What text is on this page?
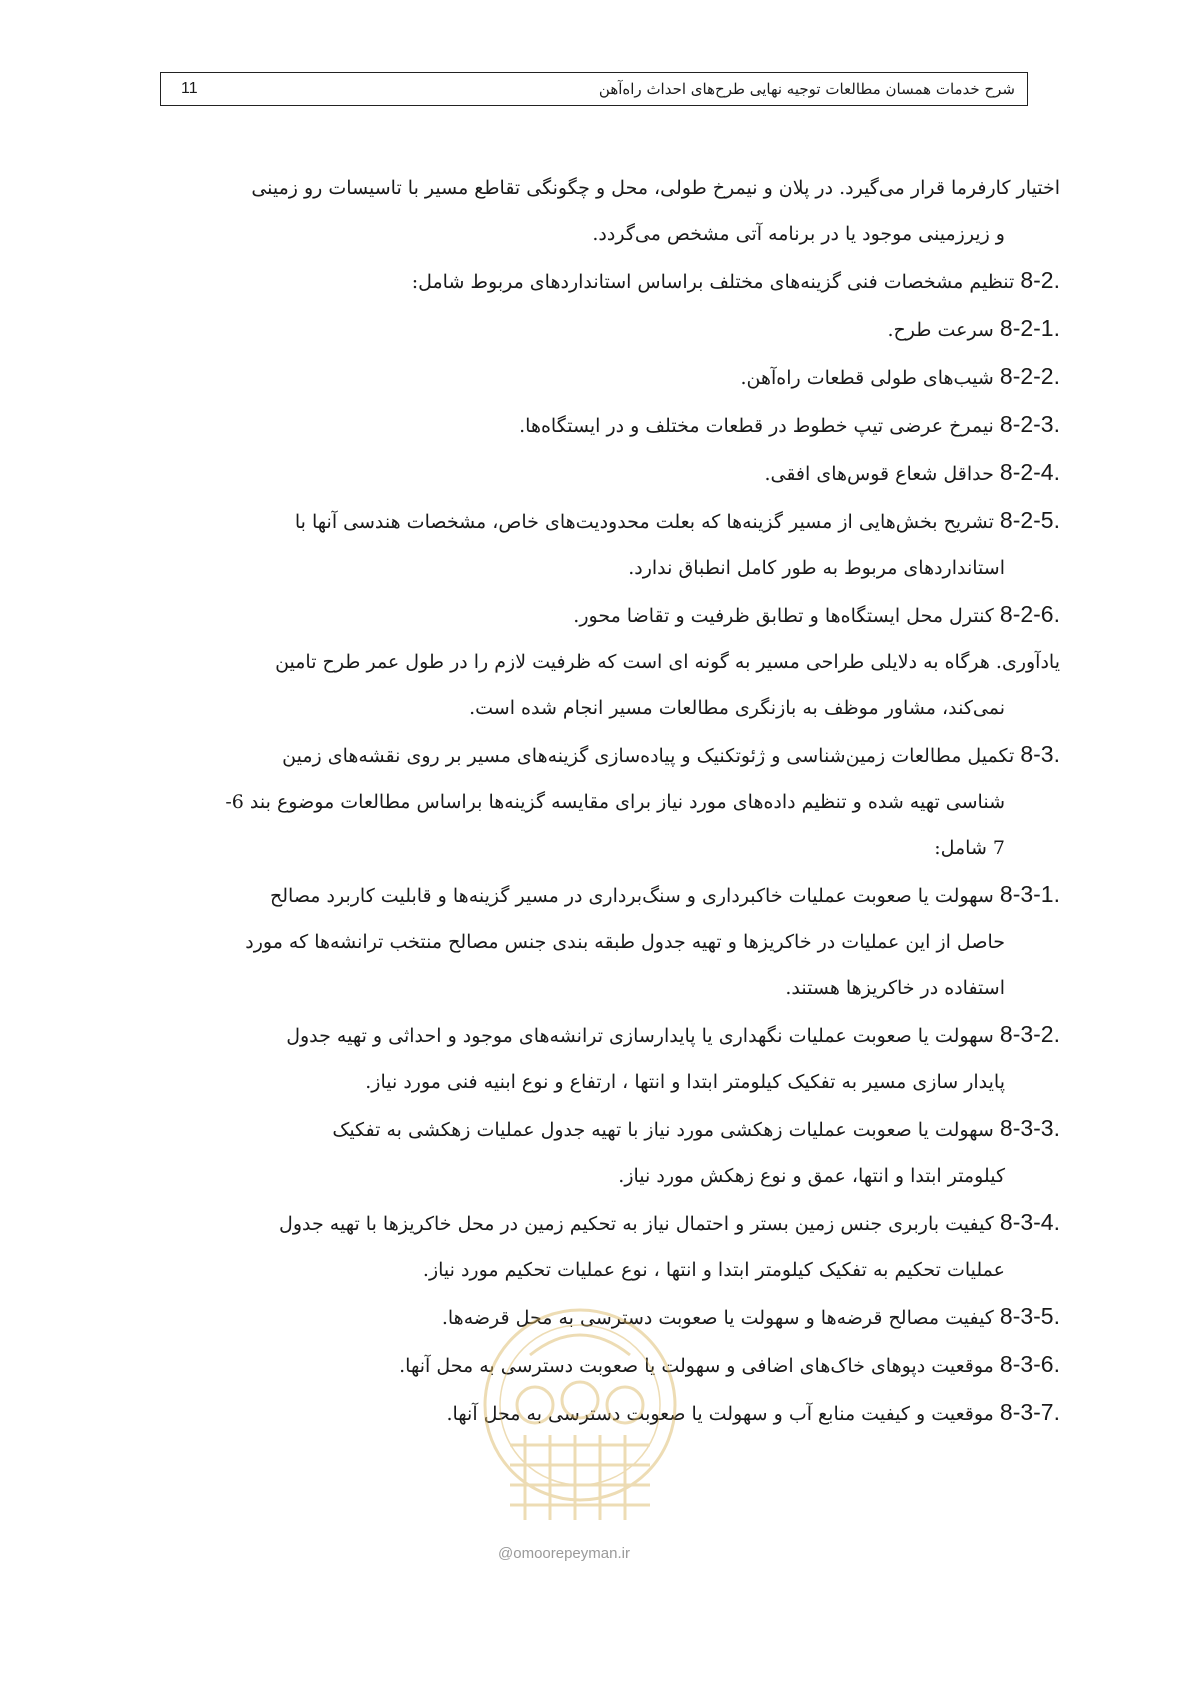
11	شرح خدمات همسان مطالعات توجیه نهایی طرح‌های احداث راه‌آهن

اختیار کارفرما قرار می‌گیرد. در پلان و نیمرخ طولی، محل و چگونگی تقاطع مسیر با تاسیسات رو زمینی
و زیرزمینی موجود یا در برنامه آتی مشخص می‌گردد.

8-2. تنظیم مشخصات فنی گزینه‌های مختلف براساس استانداردهای مربوط شامل:

8-2-1. سرعت طرح.

8-2-2. شیب‌های طولی قطعات راه‌آهن.

8-2-3. نیمرخ عرضی تیپ خطوط در قطعات مختلف و در ایستگاه‌ها.

8-2-4. حداقل شعاع قوس‌های افقی.

8-2-5. تشریح بخش‌هایی از مسیر گزینه‌ها که بعلت محدودیت‌های خاص، مشخصات هندسی آنها با
استانداردهای مربوط به طور کامل انطباق ندارد.

8-2-6. کنترل محل ایستگاه‌ها و تطابق ظرفیت و تقاضا محور.

یادآوری. هرگاه به دلایلی طراحی مسیر به گونه ای است که ظرفیت لازم را در طول عمر طرح تامین
نمی‌کند، مشاور موظف به بازنگری مطالعات مسیر انجام شده است.

8-3. تکمیل مطالعات زمین‌شناسی و ژئوتکنیک و پیاده‌سازی گزینه‌های مسیر بر روی نقشه‌های زمین
شناسی تهیه شده و تنظیم داده‌های مورد نیاز برای مقایسه گزینه‌ها براساس مطالعات موضوع بند 6-
7 شامل:

8-3-1. سهولت یا صعوبت عملیات خاکبرداری و سنگ‌برداری در مسیر گزینه‌ها و قابلیت کاربرد مصالح
حاصل از این عملیات در خاکریزها و تهیه جدول طبقه بندی جنس مصالح منتخب ترانشه‌ها که مورد
استفاده در خاکریزها هستند.

8-3-2. سهولت یا صعوبت عملیات نگهداری یا پایدارسازی ترانشه‌های موجود و احداثی و تهیه جدول
پایدار سازی مسیر به تفکیک کیلومتر ابتدا و انتها ، ارتفاع و نوع ابنیه فنی مورد نیاز.

8-3-3. سهولت یا صعوبت عملیات زهکشی مورد نیاز با تهیه جدول عملیات زهکشی به تفکیک
کیلومتر ابتدا و انتها، عمق و نوع زهکش مورد نیاز.

8-3-4. کیفیت باربری جنس زمین بستر و احتمال نیاز به تحکیم زمین در محل خاکریزها با تهیه جدول
عملیات تحکیم به تفکیک کیلومتر ابتدا و انتها ، نوع عملیات تحکیم مورد نیاز.

8-3-5. کیفیت مصالح قرضه‌ها و سهولت یا صعوبت دسترسی به محل قرضه‌ها.

8-3-6. موقعیت دپوهای خاک‌های اضافی و سهولت یا صعوبت دسترسی به محل آنها.

8-3-7. موقعیت و کیفیت منابع آب و سهولت یا صعوبت دسترسی به محل آنها.

@omoorepeyman.ir
